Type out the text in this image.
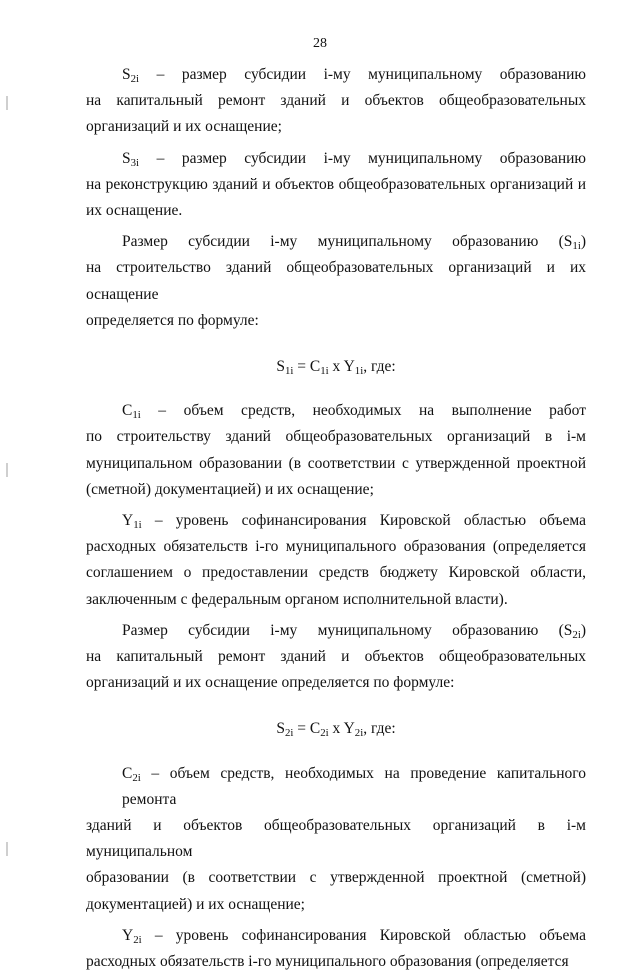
28
$S_{2i}$ – размер субсидии i-му муниципальному образованию
на капитальный ремонт зданий и объектов общеобразовательных
организаций и их оснащение;
$S_{3i}$ – размер субсидии i-му муниципальному образованию
на реконструкцию зданий и объектов общеобразовательных организаций и
их оснащение.
Размер субсидии i-му муниципальному образованию $(S_{1i})$
на строительство зданий общеобразовательных организаций и их оснащение
определяется по формуле:
$S_{1i} = C_{1i}$ x $Y_{1i}$, где:
$C_{1i}$ – объем средств, необходимых на выполнение работ
по строительству зданий общеобразовательных организаций в i-м
муниципальном образовании (в соответствии с утвержденной проектной
(сметной) документацией) и их оснащение;
$Y_{1i}$ – уровень софинансирования Кировской областью объема
расходных обязательств i-го муниципального образования (определяется
соглашением о предоставлении средств бюджету Кировской области,
заключенным с федеральным органом исполнительной власти).
Размер субсидии i-му муниципальному образованию $(S_{2i})$
на капитальный ремонт зданий и объектов общеобразовательных
организаций и их оснащение определяется по формуле:
$S_{2i} = C_{2i}$ x $Y_{2i}$, где:
$C_{2i}$ – объем средств, необходимых на проведение капитального ремонта
зданий и объектов общеобразовательных организаций в i-м муниципальном
образовании (в соответствии с утвержденной проектной (сметной)
документацией) и их оснащение;
$Y_{2i}$ – уровень софинансирования Кировской областью объема
расходных обязательств i-го муниципального образования (определяется
